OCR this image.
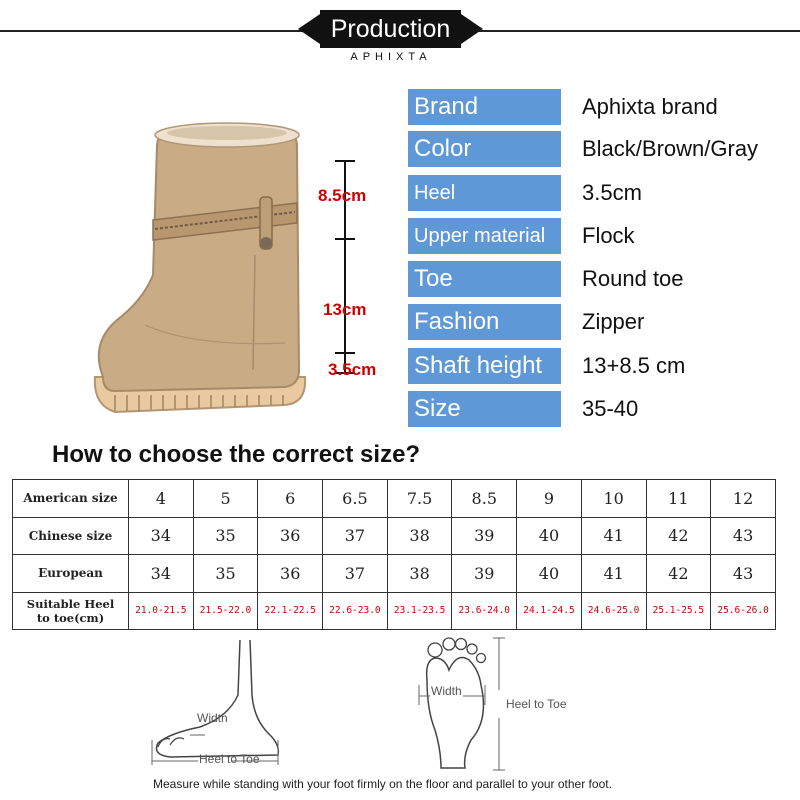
Production
APHIXTA
8.5cm
13cm
3.5cm
Brand	Aphixta brand
Color	Black/Brown/Gray
Heel	3.5cm
Upper material	Flock
Toe	Round toe
Fashion	Zipper
Shaft height	13+8.5 cm
Size	35-40
How to choose the correct size?
American size	4	5	6	6.5	7.5	8.5	9	10	11	12
Chinese size	34	35	36	37	38	39	40	41	42	43
European	34	35	36	37	38	39	40	41	42	43
Suitable Heel
to toe(cm)	21.0-21.5	21.5-22.0	22.1-22.5	22.6-23.0	23.1-23.5	23.6-24.0	24.1-24.5	24.6-25.0	25.1-25.5	25.6-26.0
Width
Heel to Toe
Width
Heel to Toe
Measure while standing with your foot firmly on the floor and parallel to your other foot.
